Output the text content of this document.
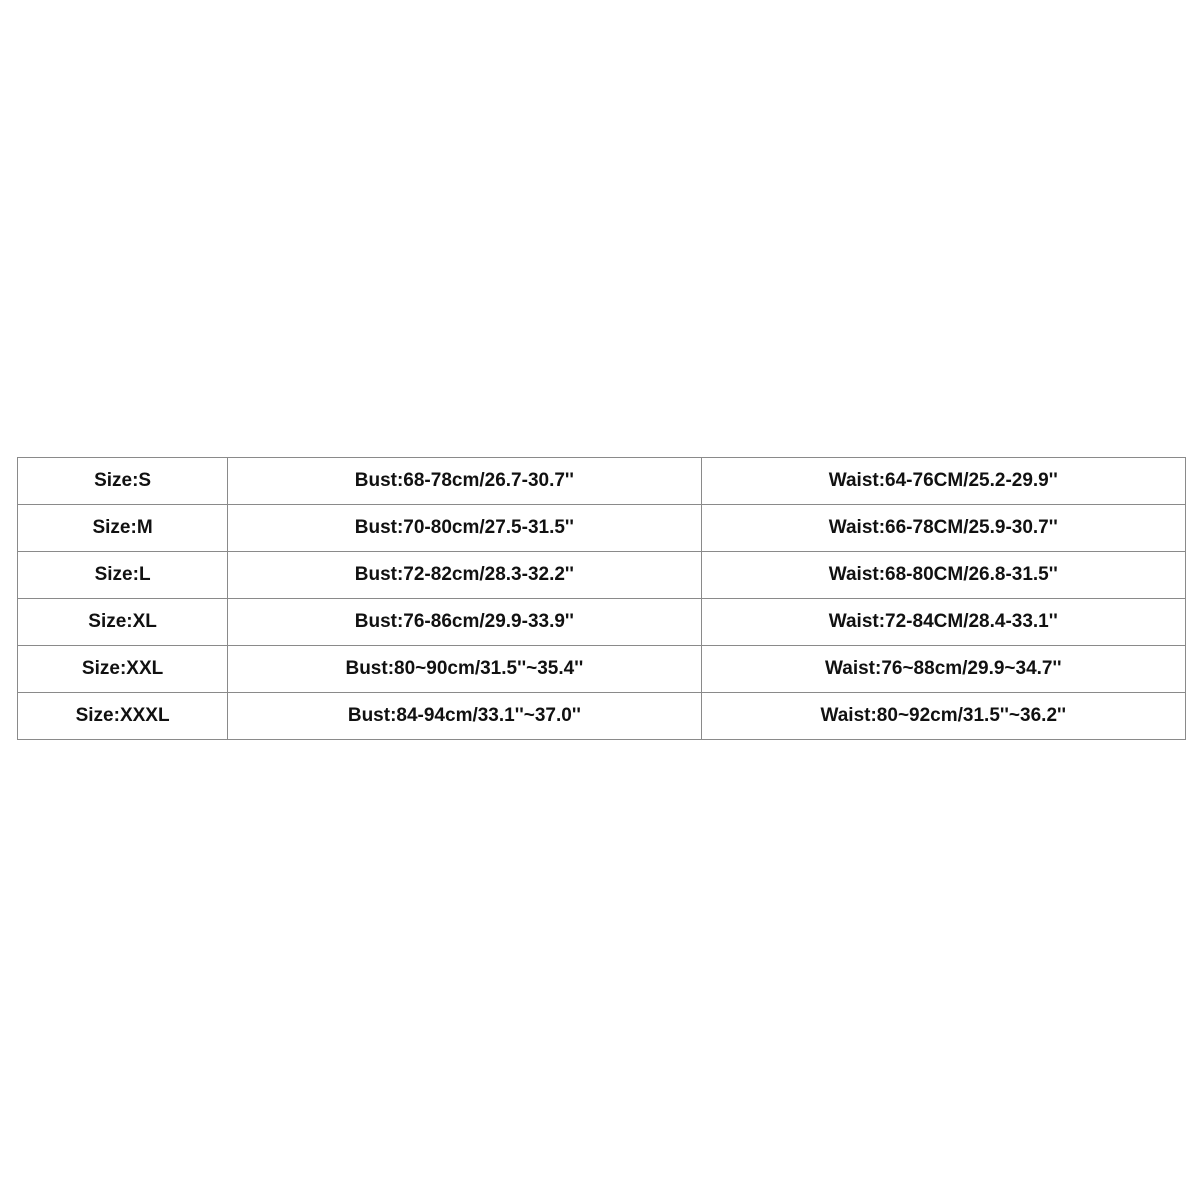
Size:S	Bust:68-78cm/26.7-30.7''	Waist:64-76CM/25.2-29.9''
Size:M	Bust:70-80cm/27.5-31.5''	Waist:66-78CM/25.9-30.7''
Size:L	Bust:72-82cm/28.3-32.2''	Waist:68-80CM/26.8-31.5''
Size:XL	Bust:76-86cm/29.9-33.9''	Waist:72-84CM/28.4-33.1''
Size:XXL	Bust:80~90cm/31.5''~35.4''	Waist:76~88cm/29.9~34.7''
Size:XXXL	Bust:84-94cm/33.1''~37.0''	Waist:80~92cm/31.5''~36.2''
